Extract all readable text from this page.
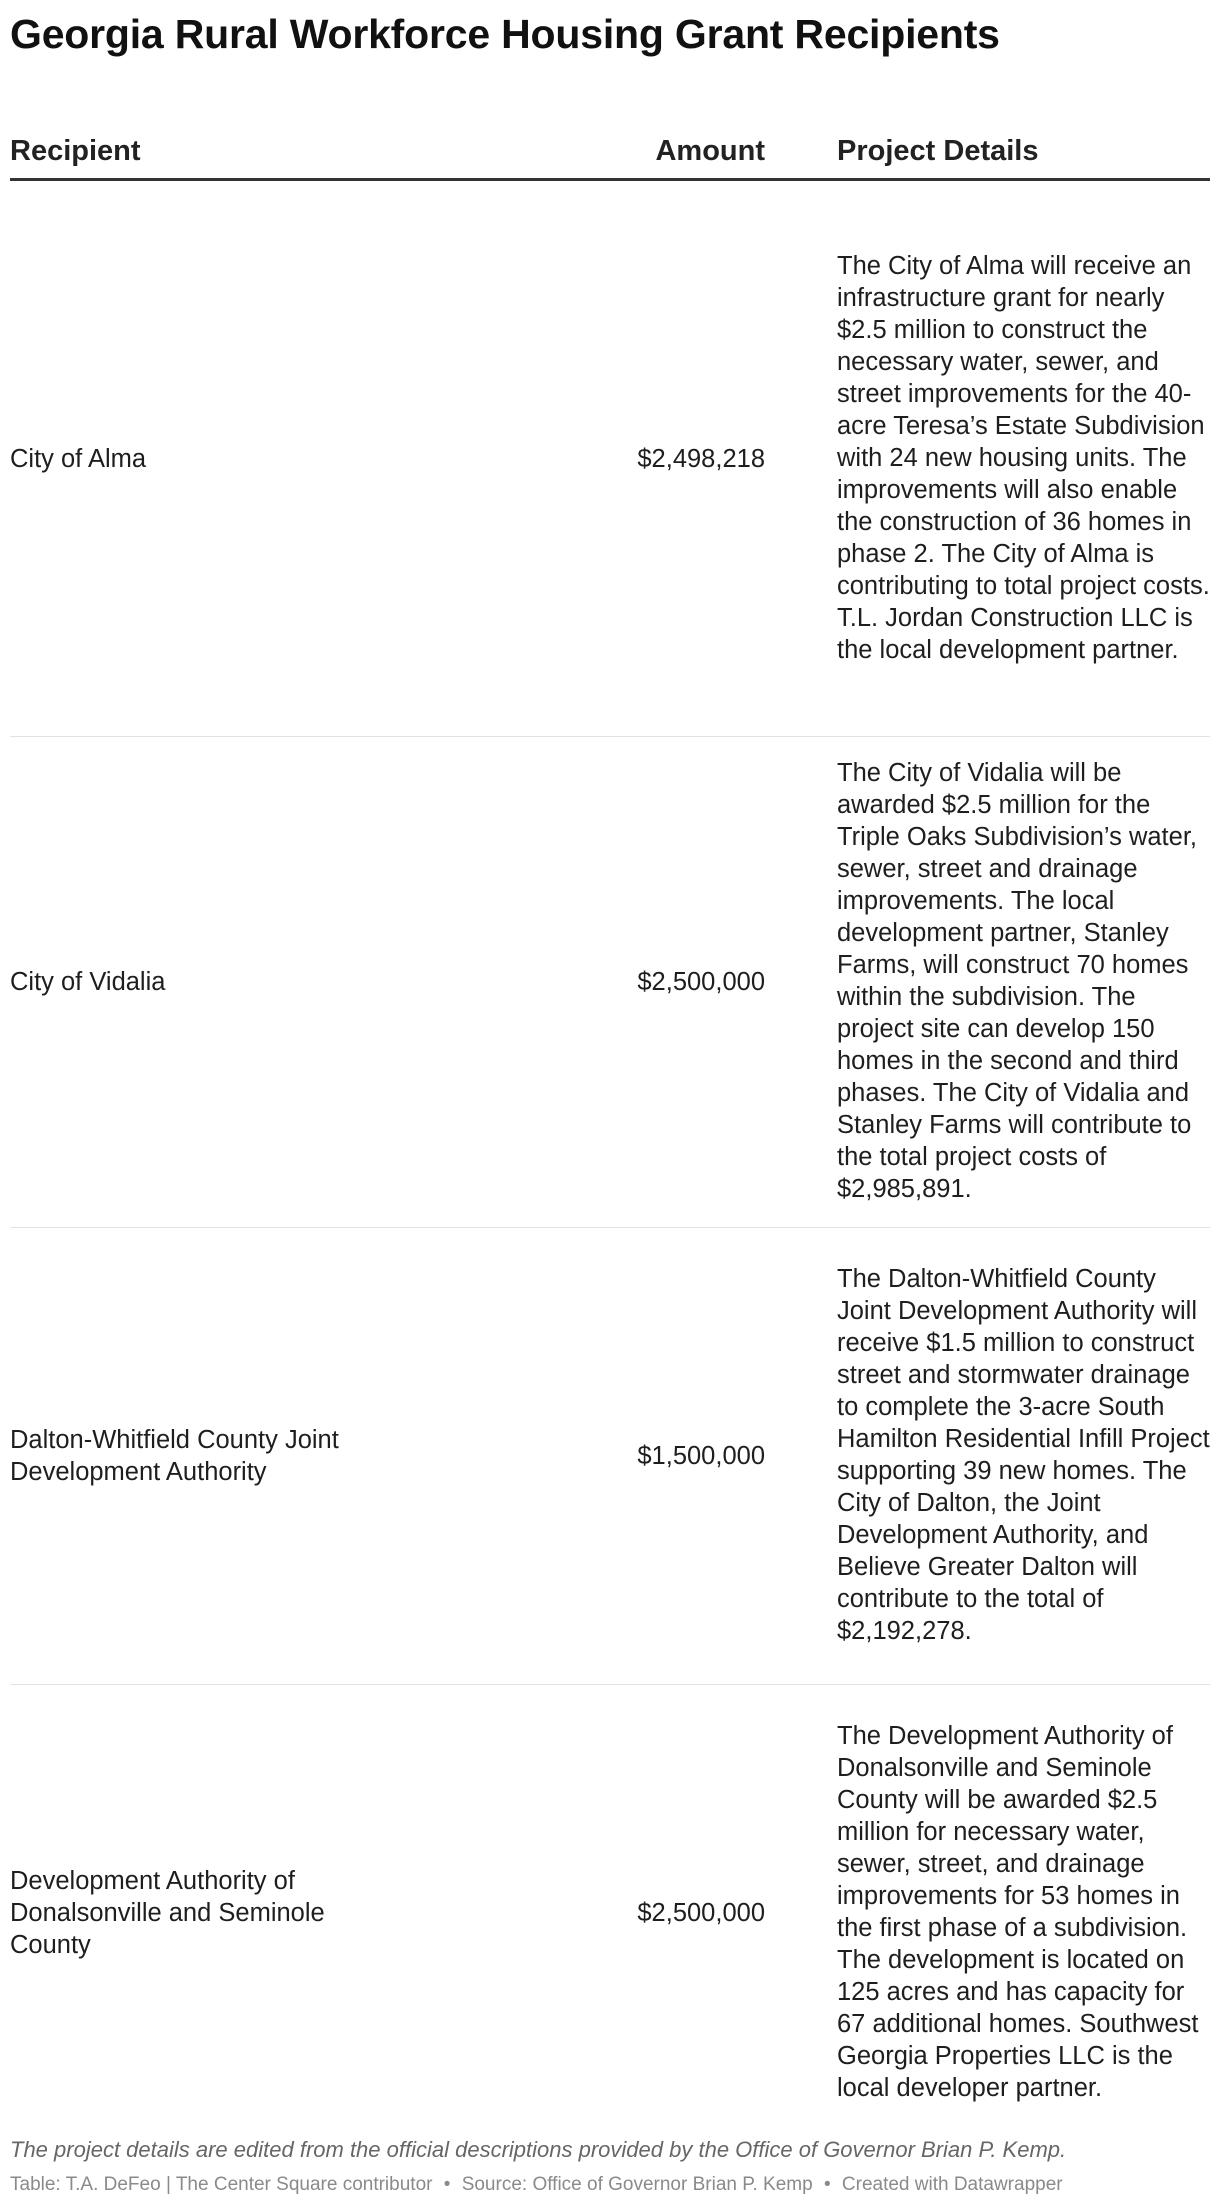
Georgia Rural Workforce Housing Grant Recipients
Recipient	Amount	Project Details
City of Alma	$2,498,218	The City of Alma will receive an infrastructure grant for nearly $2.5 million to construct the necessary water, sewer, and street improvements for the 40-acre Teresa’s Estate Subdivision with 24 new housing units. The improvements will also enable the construction of 36 homes in phase 2. The City of Alma is contributing to total project costs. T.L. Jordan Construction LLC is the local development partner.
City of Vidalia	$2,500,000	The City of Vidalia will be awarded $2.5 million for the Triple Oaks Subdivision’s water, sewer, street and drainage improvements. The local development partner, Stanley Farms, will construct 70 homes within the subdivision. The project site can develop 150 homes in the second and third phases. The City of Vidalia and Stanley Farms will contribute to the total project costs of $2,985,891.
Dalton-Whitfield County Joint Development Authority	$1,500,000	The Dalton-Whitfield County Joint Development Authority will receive $1.5 million to construct street and stormwater drainage to complete the 3-acre South Hamilton Residential Infill Project supporting 39 new homes. The City of Dalton, the Joint Development Authority, and Believe Greater Dalton will contribute to the total of $2,192,278.
Development Authority of Donalsonville and Seminole County	$2,500,000	The Development Authority of Donalsonville and Seminole County will be awarded $2.5 million for necessary water, sewer, street, and drainage improvements for 53 homes in the first phase of a subdivision. The development is located on 125 acres and has capacity for 67 additional homes. Southwest Georgia Properties LLC is the local developer partner.
The project details are edited from the official descriptions provided by the Office of Governor Brian P. Kemp.
Table: T.A. DeFeo | The Center Square contributor • Source: Office of Governor Brian P. Kemp • Created with Datawrapper
